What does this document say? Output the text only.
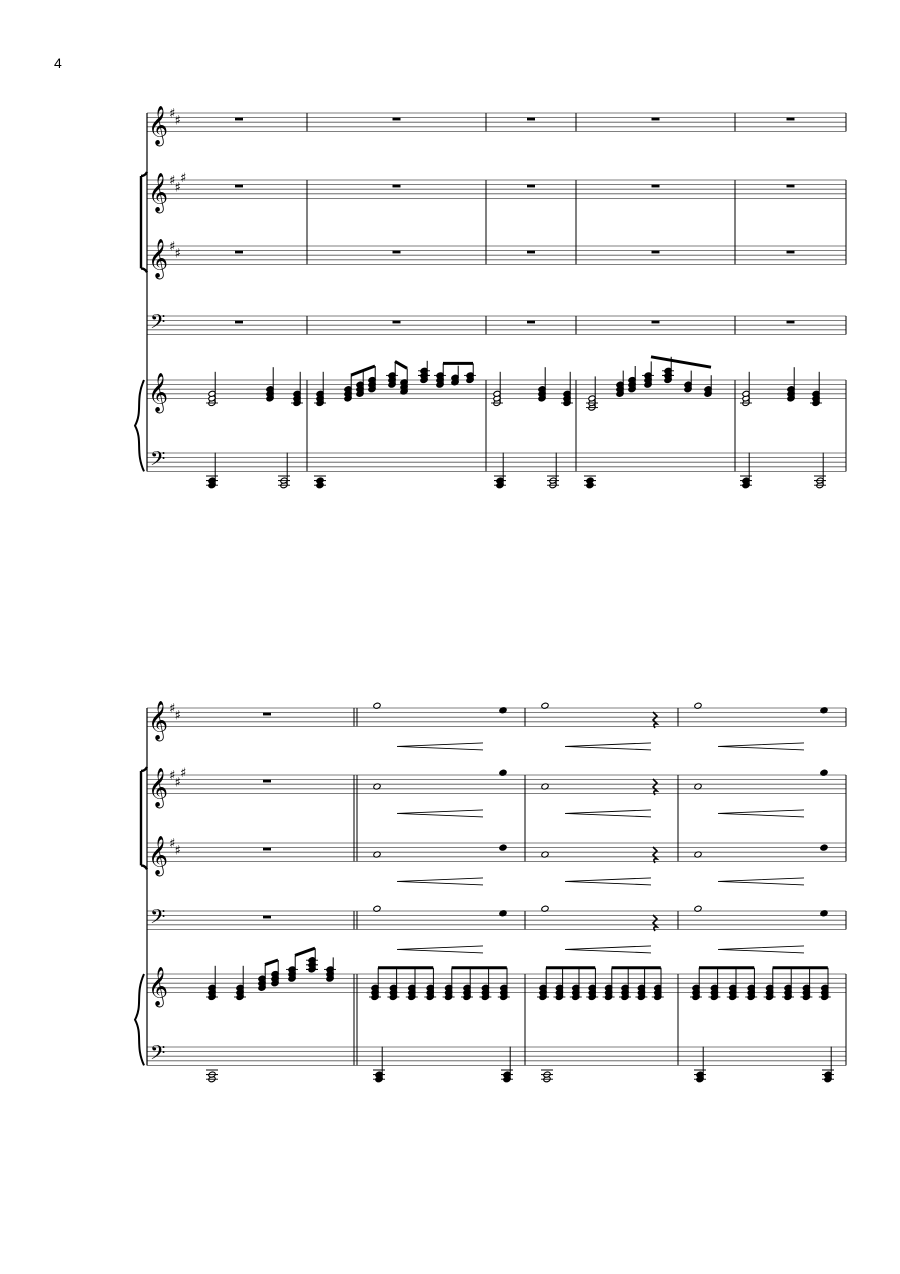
4
𝄞 ♯ ♯
𝄞 ♯ ♯
♯
𝄞 ♯ ♯
𝄢
𝄞
𝄢
𝄞 ♯ ♯
𝄞 ♯ ♯
♯
𝄞 ♯ ♯
𝄢
𝄞
𝄢
